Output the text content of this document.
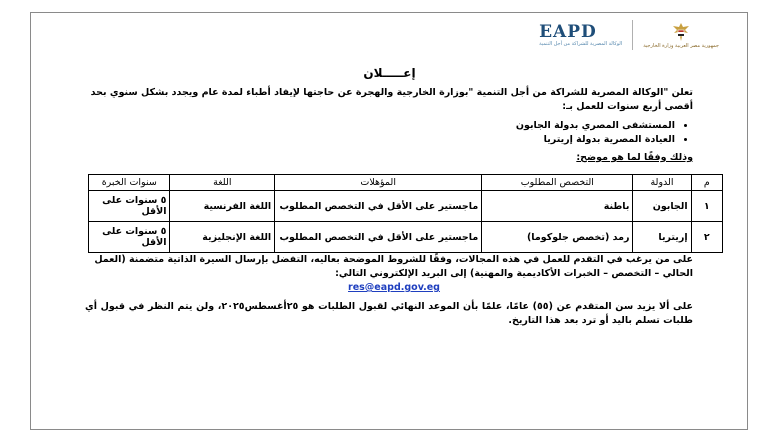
EAPD
الوكالة المصرية للشراكة من أجل التنمية	جمهورية مصر العربية وزارة الخارجية
إعـــــلان
تعلن "الوكالة المصرية للشراكة من أجل التنمية "بوزارة الخارجية والهجرة عن حاجتها لإيفاد أطباء لمدة عام ويجدد بشكل سنوي بحد أقصى أربع سنوات للعمل بـ:
• المستشفى المصري بدولة الجابون
• العيادة المصرية بدولة إريتريا
وذلك وفقًا لما هو موضح:
م	الدولة	التخصص المطلوب	المؤهلات	اللغة	سنوات الخبرة
١	الجابون	باطنة	ماجستير على الأقل في التخصص المطلوب	اللغة الفرنسية	٥ سنوات على الأقل
٢	إريتريا	رمد (تخصص جلوكوما)	ماجستير على الأقل في التخصص المطلوب	اللغة الإنجليزية	٥ سنوات على الأقل
على من يرغب في التقدم للعمل في هذه المجالات، وفقًا للشروط الموضحة بعاليه، التفضل بإرسال السيرة الذاتية متضمنة (العمل الحالي – التخصص – الخبرات الأكاديمية والمهنية) إلى البريد الإلكتروني التالي:
res@eapd.gov.eg
على ألا يزيد سن المتقدم عن (٥٥) عامًا، علمًا بأن الموعد النهائي لقبول الطلبات هو ٢٥أغسطس٢٠٢٥، ولن يتم النظر في قبول أي طلبات تسلم باليد أو ترد بعد هذا التاريخ.
